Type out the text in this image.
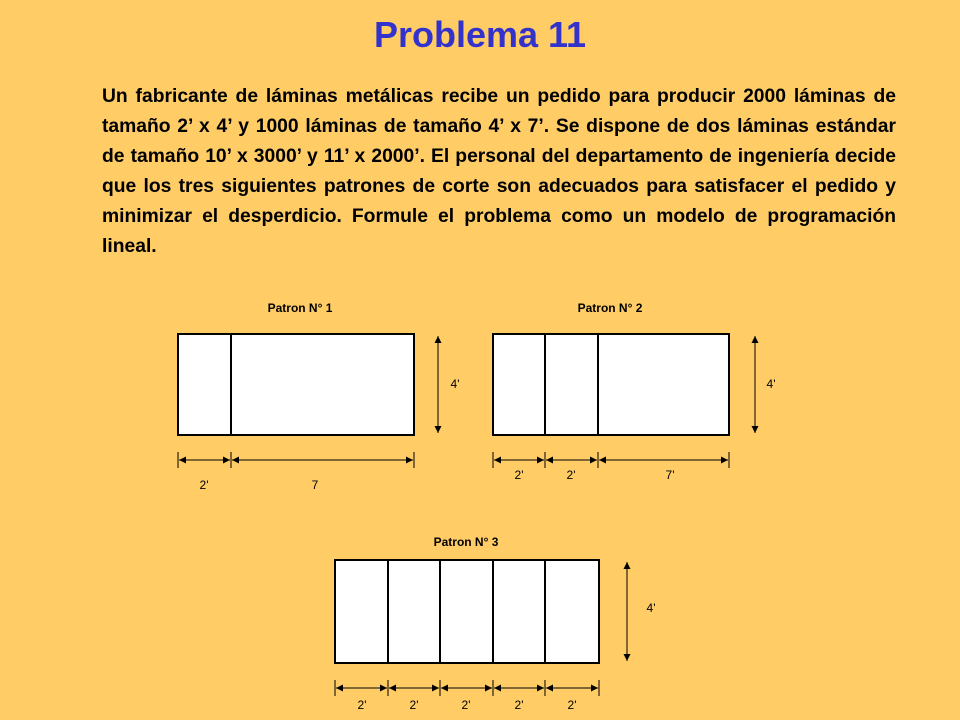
Problema 11

Un fabricante de láminas metálicas recibe un pedido para producir 2000 láminas de tamaño 2’ x 4’ y 1000 láminas de tamaño 4’ x 7’. Se dispone de dos láminas estándar de tamaño 10’ x 3000’ y 11’ x 2000’. El personal del departamento de ingeniería decide que los tres siguientes patrones de corte son adecuados para satisfacer el pedido y minimizar el desperdicio. Formule el problema como un modelo de programación lineal.

Patron N° 1
4'
2'	7
Patron N° 2
4'
2'	2'	7'
Patron N° 3
4'
2'	2'	2'	2'	2'
